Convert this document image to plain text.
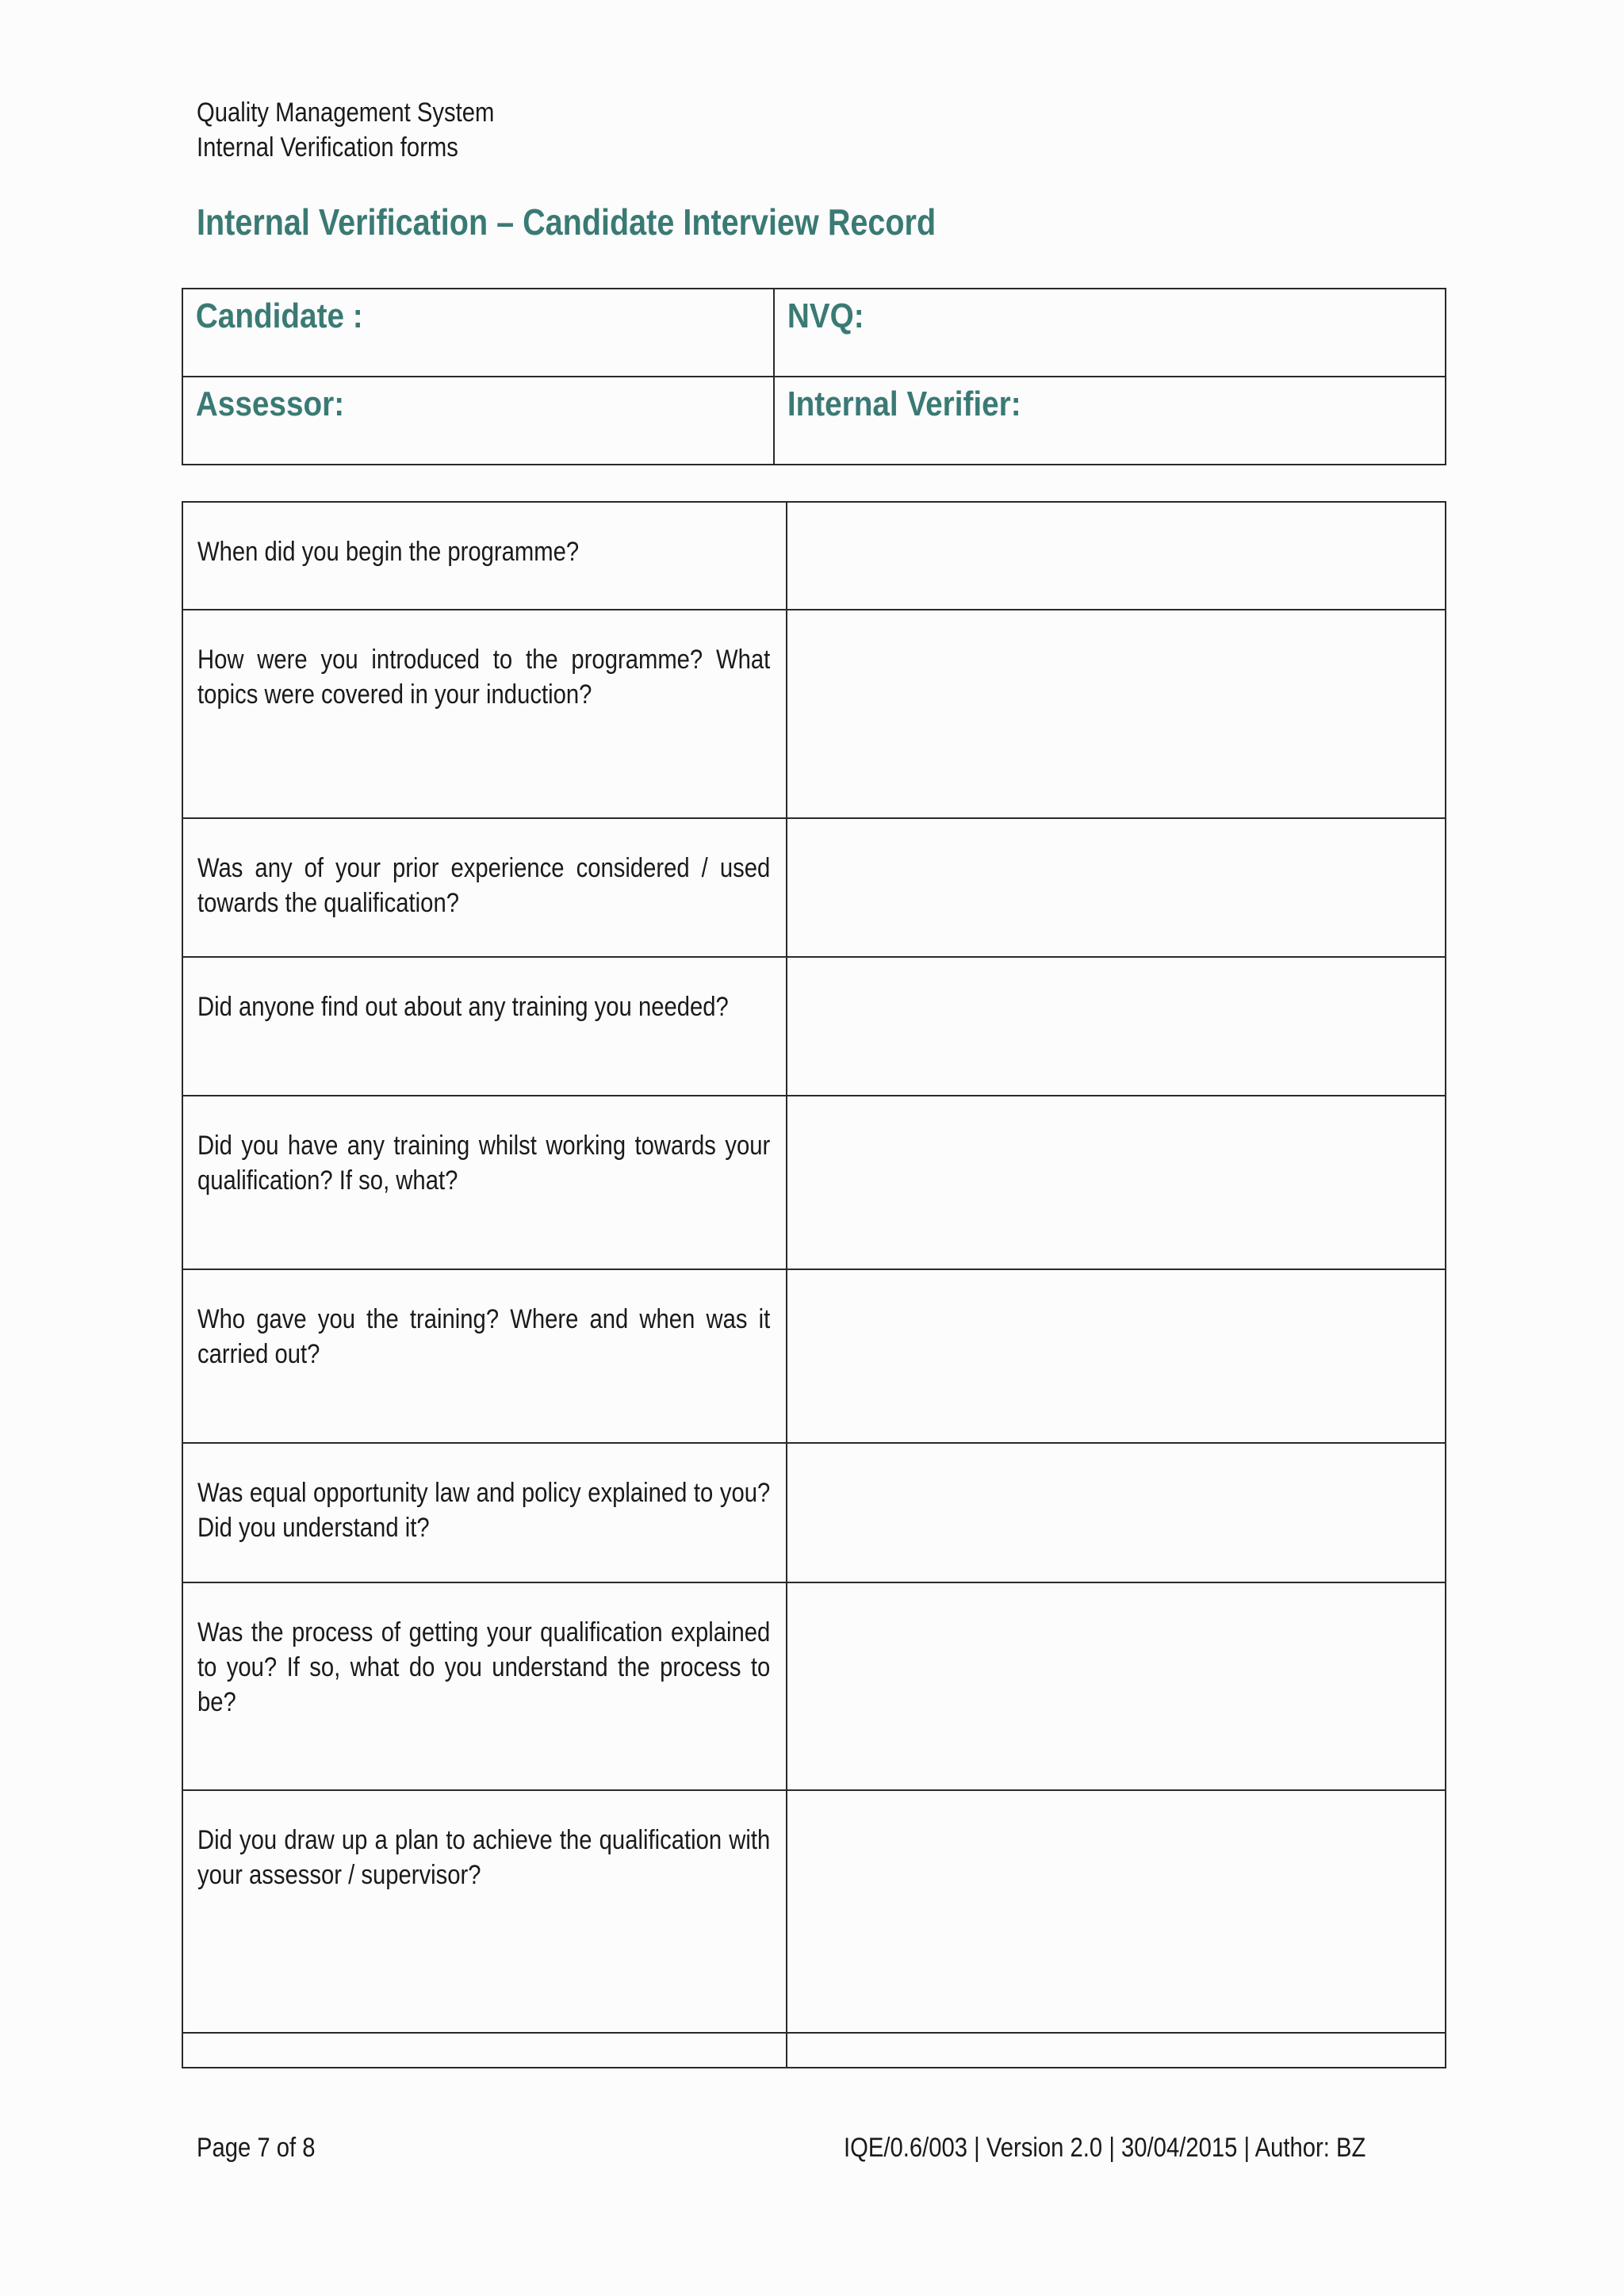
Quality Management System
Internal Verification forms
Internal Verification – Candidate Interview Record
Candidate :	NVQ:

Assessor:	Internal Verifier:
When did you begin the programme?	

How were you introduced to the programme? What topics were covered in your induction?	

Was any of your prior experience considered / used towards the qualification?	

Did anyone find out about any training you needed?	

Did you have any training whilst working towards your qualification? If so, what?	

Who gave you the training? Where and when was it carried out?	

Was equal opportunity law and policy explained to you? Did you understand it?	

Was the process of getting your qualification explained to you? If so, what do you understand the process to be?	

Did you draw up a plan to achieve the qualification with your assessor / supervisor?	

Page 7 of 8	IQE/0.6/003 | Version 2.0 | 30/04/2015 | Author: BZ
